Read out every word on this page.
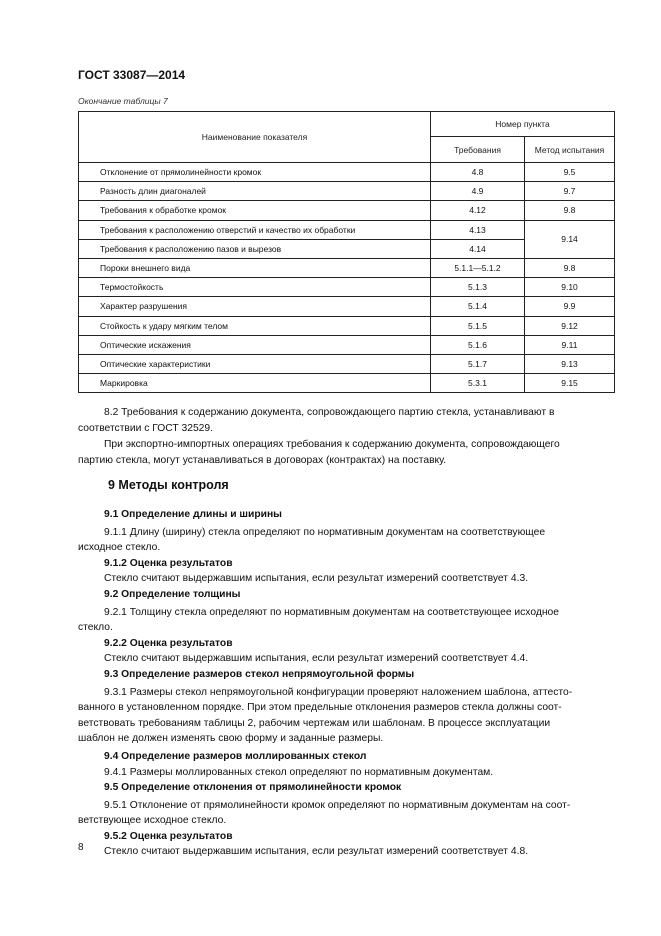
ГОСТ 33087—2014
Окончание таблицы 7
Наименование показателя	Номер пункта	
	Требования	Метод испытания
Отклонение от прямолинейности кромок	4.8	9.5
Разность длин диагоналей	4.9	9.7
Требования к обработке кромок	4.12	9.8
Требования к расположению отверстий и качество их обработки	4.13	9.14
Требования к расположению пазов и вырезов	4.14	
Пороки внешнего вида	5.1.1—5.1.2	9.8
Термостойкость	5.1.3	9.10
Характер разрушения	5.1.4	9.9
Стойкость к удару мягким телом	5.1.5	9.12
Оптические искажения	5.1.6	9.11
Оптические характеристики	5.1.7	9.13
Маркировка	5.3.1	9.15
8.2 Требования к содержанию документа, сопровождающего партию стекла, устанавливают в
соответствии с ГОСТ 32529.
При экспортно-импортных операциях требования к содержанию документа, сопровождающего
партию стекла, могут устанавливаться в договорах (контрактах) на поставку.
9 Методы контроля
9.1 Определение длины и ширины
9.1.1 Длину (ширину) стекла определяют по нормативным документам на соответствующее
исходное стекло.
9.1.2 Оценка результатов
Стекло считают выдержавшим испытания, если результат измерений соответствует 4.3.
9.2 Определение толщины
9.2.1 Толщину стекла определяют по нормативным документам на соответствующее исходное
стекло.
9.2.2 Оценка результатов
Стекло считают выдержавшим испытания, если результат измерений соответствует 4.4.
9.3 Определение размеров стекол непрямоугольной формы
9.3.1 Размеры стекол непрямоугольной конфигурации проверяют наложением шаблона, аттесто-
ванного в установленном порядке. При этом предельные отклонения размеров стекла должны соот-
ветствовать требованиям таблицы 2, рабочим чертежам или шаблонам. В процессе эксплуатации
шаблон не должен изменять свою форму и заданные размеры.
9.4 Определение размеров моллированных стекол
9.4.1 Размеры моллированных стекол определяют по нормативным документам.
9.5 Определение отклонения от прямолинейности кромок
9.5.1 Отклонение от прямолинейности кромок определяют по нормативным документам на соот-
ветствующее исходное стекло.
9.5.2 Оценка результатов
Стекло считают выдержавшим испытания, если результат измерений соответствует 4.8.
8
